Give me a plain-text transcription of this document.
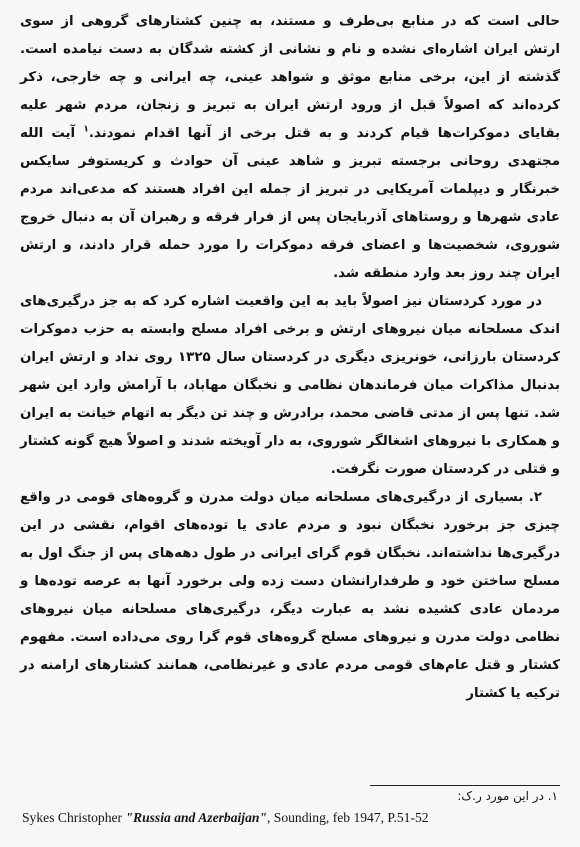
حالی است که در منابع بی‌طرف و مستند، به چنین کشتارهای گروهی از سوی ارتش ایران اشاره‌ای نشده و نام و نشانی از کشته شدگان به دست نیامده است. گذشته از این، برخی منابع موثق و شواهد عینی، چه ایرانی و چه خارجی، ذکر کرده‌اند که اصولاً قبل از ورود ارتش ایران به تبریز و زنجان، مردم شهر علیه بقایای دموکرات‌ها قیام کردند و به قتل برخی از آنها اقدام نمودند.$^۱$ آیت الله مجتهدی روحانی برجسته تبریز و شاهد عینی آن حوادث و کریستوفر سایکس خبرنگار و دیپلمات آمریکایی در تبریز از جمله این افراد هستند که مدعی‌اند مردم عادی شهرها و روستاهای آذربایجان پس از فرار فرقه و رهبران آن به دنبال خروج شوروی، شخصیت‌ها و اعضای فرقه دموکرات را مورد حمله قرار دادند، و ارتش ایران چند روز بعد وارد منطقه شد.

در مورد کردستان نیز اصولاً باید به این واقعیت اشاره کرد که به جز درگیری‌های اندک مسلحانه میان نیروهای ارتش و برخی افراد مسلح وابسته به حزب دموکرات کردستان بارزانی، خونریزی دیگری در کردستان سال ۱۳۲۵ روی نداد و ارتش ایران بدنبال مذاکرات میان فرماندهان نظامی و نخبگان مهاباد، با آرامش وارد این شهر شد. تنها پس از مدتی قاضی محمد، برادرش و چند تن دیگر به اتهام خیانت به ایران و همکاری با نیروهای اشغالگر شوروی، به دار آویخته شدند و اصولاً هیچ گونه کشتار و قتلی در کردستان صورت نگرفت.

۲. بسیاری از درگیری‌های مسلحانه میان دولت مدرن و گروه‌های قومی در واقع چیزی جز برخورد نخبگان نبود و مردم عادی یا توده‌های اقوام، نقشی در این درگیری‌ها نداشته‌اند. نخبگان قوم گرای ایرانی در طول دهه‌های پس از جنگ اول به مسلح ساختن خود و طرفدارانشان دست زده ولی برخورد آنها به عرصه توده‌ها و مردمان عادی کشیده نشد به عبارت دیگر، درگیری‌های مسلحانه میان نیروهای نظامی دولت مدرن و نیروهای مسلح گروه‌های قوم گرا روی می‌داده است. مفهوم کشتار و قتل عام‌های قومی مردم عادی و غیرنظامی، همانند کشتارهای ارامنه در ترکیه یا کشتار

۱. در این مورد ر.ک:
Sykes Christopher "Russia and Azerbaijan", Sounding, feb 1947, P.51-52
